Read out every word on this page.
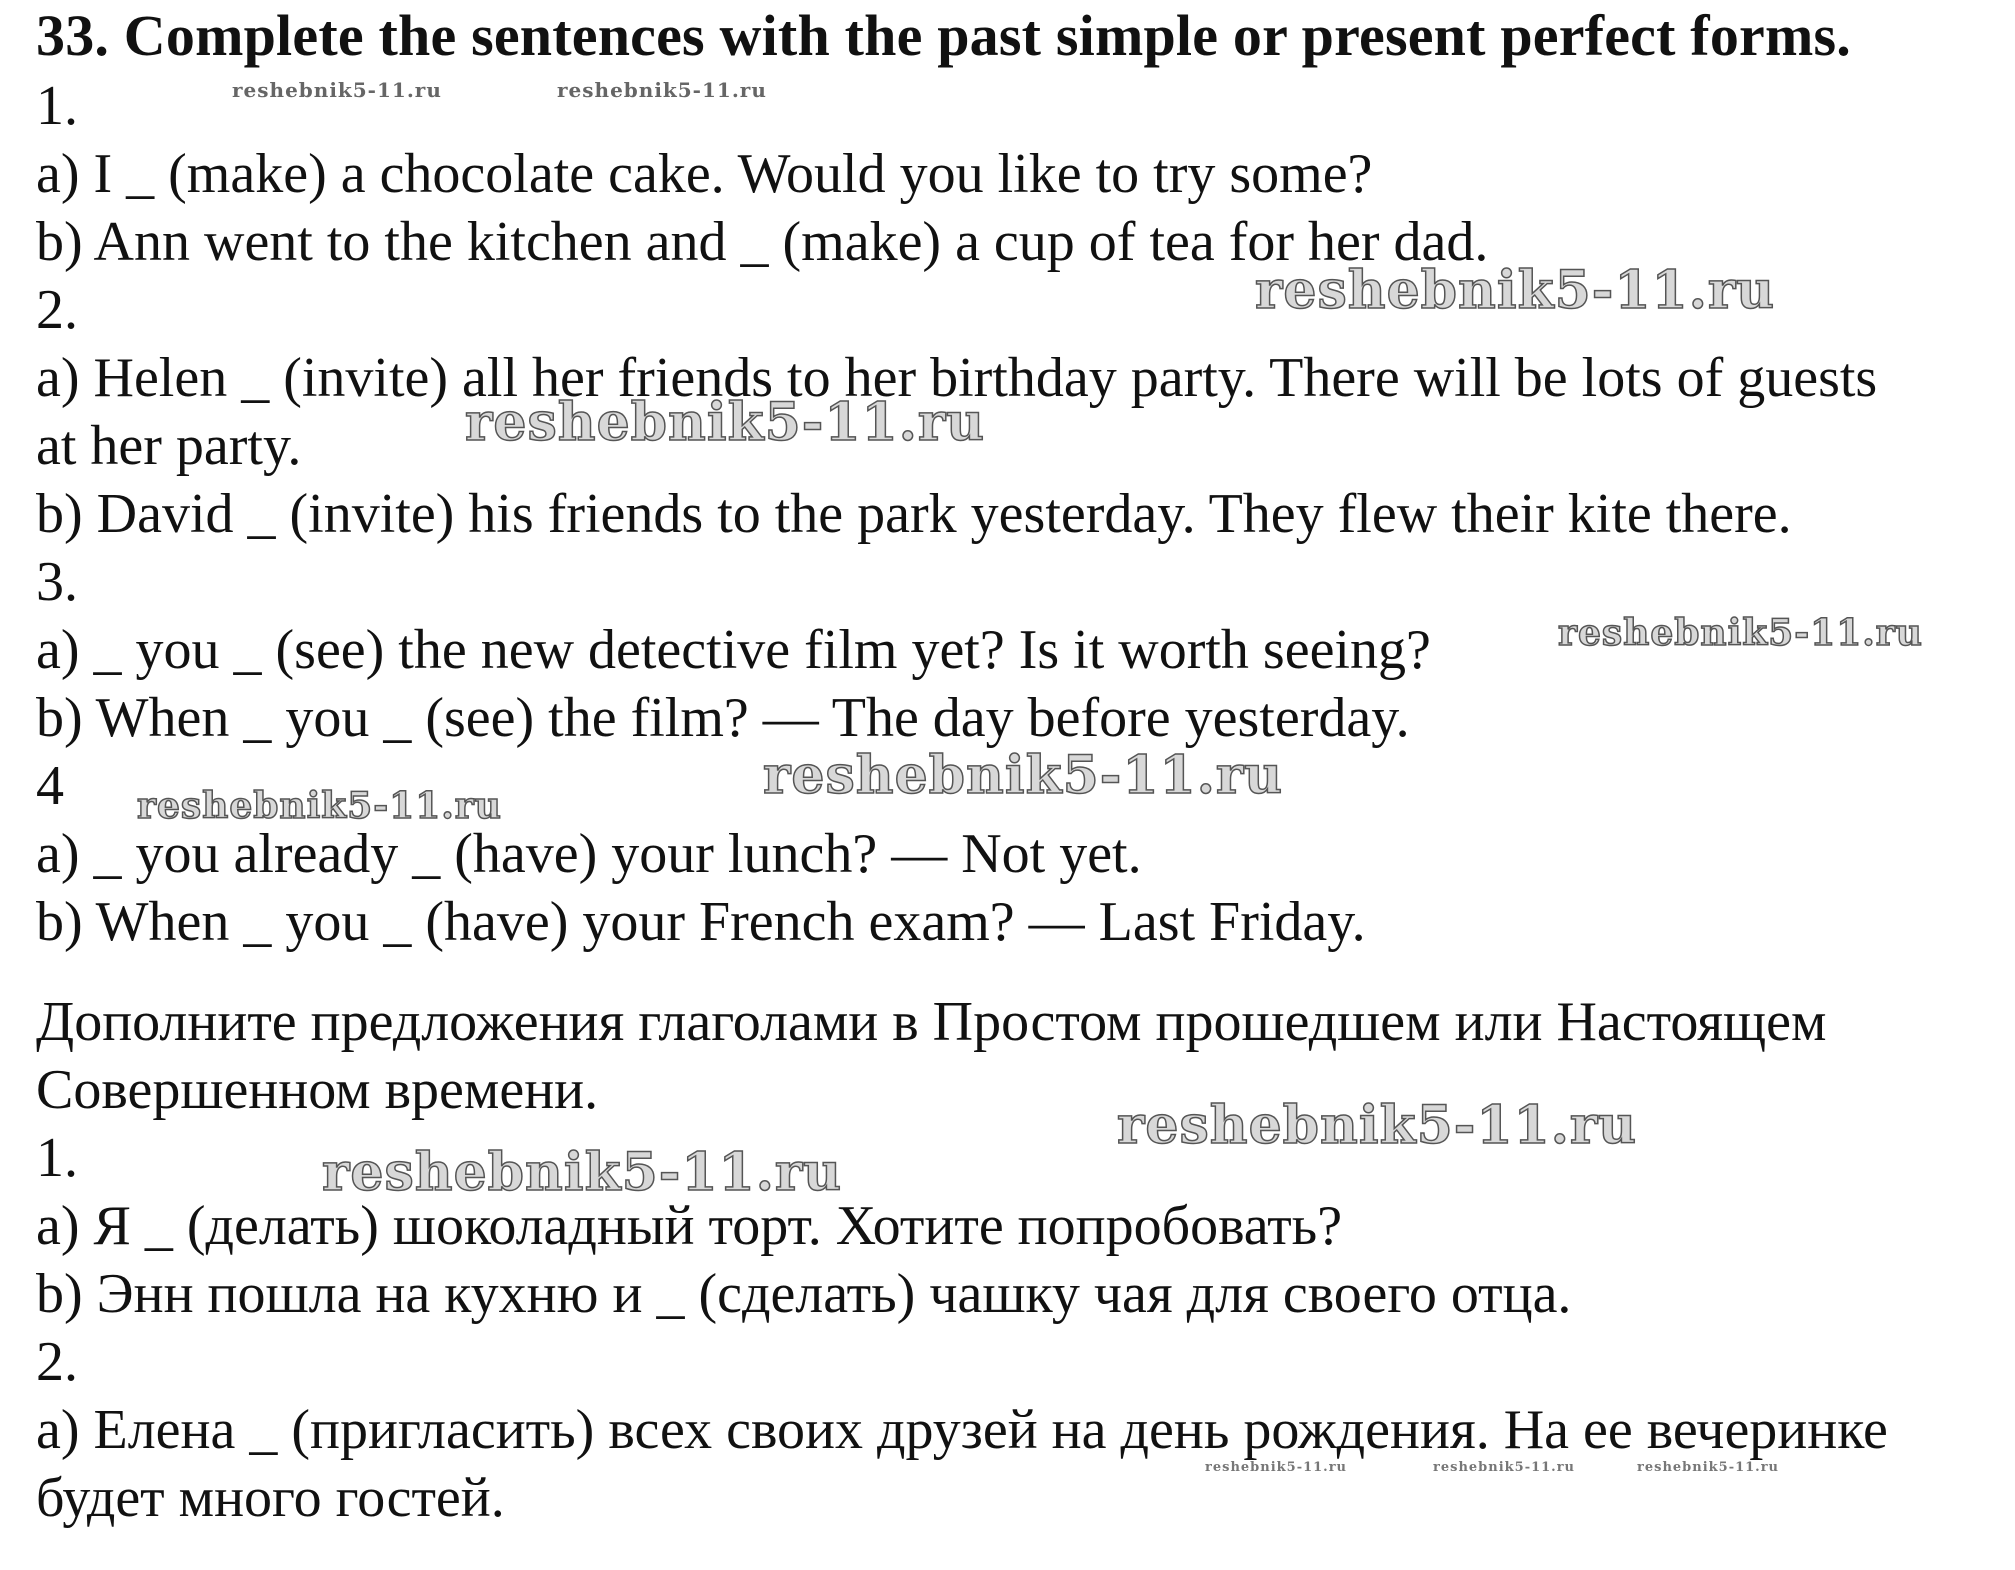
33. Complete the sentences with the past simple or present perfect forms.
1.
a) I _ (make) a chocolate cake. Would you like to try some?
b) Ann went to the kitchen and _ (make) a cup of tea for her dad.
2.
a) Helen _ (invite) all her friends to her birthday party. There will be lots of guests
at her party.
b) David _ (invite) his friends to the park yesterday. They flew their kite there.
3.
a) _ you _ (see) the new detective film yet? Is it worth seeing?
b) When _ you _ (see) the film? — The day before yesterday.
4
a) _ you already _ (have) your lunch? — Not yet.
b) When _ you _ (have) your French exam? — Last Friday.
Дополните предложения глаголами в Простом прошедшем или Настоящем
Совершенном времени.
1.
a) Я _ (делать) шоколадный торт. Хотите попробовать?
b) Энн пошла на кухню и _ (сделать) чашку чая для своего отца.
2.
a) Елена _ (пригласить) всех своих друзей на день рождения. На ее вечеринке
будет много гостей.
reshebnik5-11.ru	reshebnik5-11.ru
reshebnik5-11.ru
reshebnik5-11.ru
reshebnik5-11.ru
reshebnik5-11.ru
reshebnik5-11.ru
reshebnik5-11.ru
reshebnik5-11.ru
reshebnik5-11.ru	reshebnik5-11.ru	reshebnik5-11.ru
